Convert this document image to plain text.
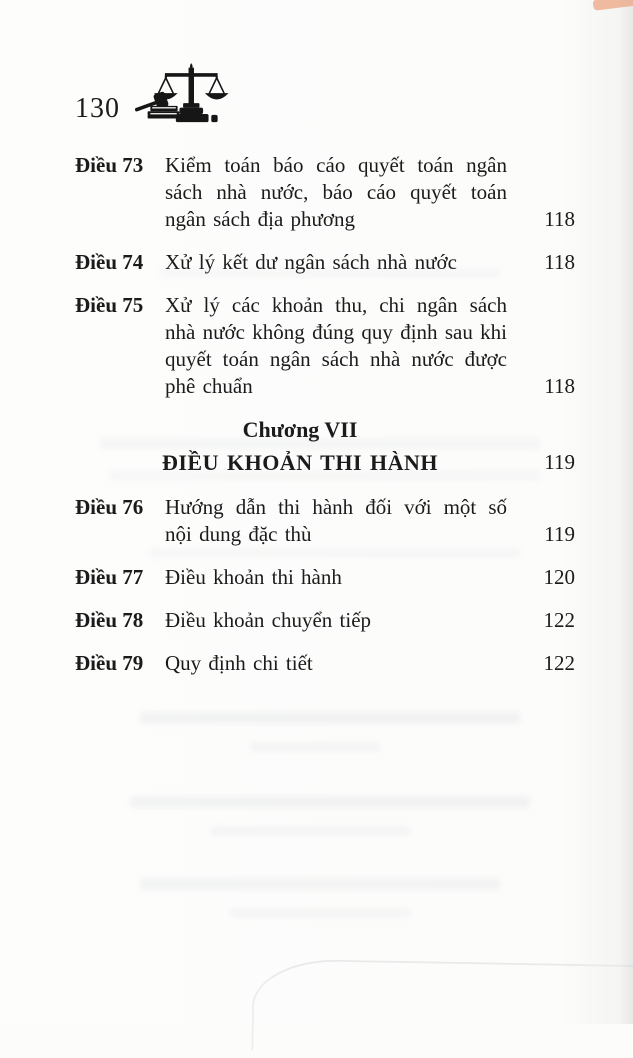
130
Điều 73	Kiểm toán báo cáo quyết toán ngân sách nhà nước, báo cáo quyết toán ngân sách địa phương	118
Điều 74	Xử lý kết dư ngân sách nhà nước	118
Điều 75	Xử lý các khoản thu, chi ngân sách nhà nước không đúng quy định sau khi quyết toán ngân sách nhà nước được phê chuẩn	118
Chương VII
ĐIỀU KHOẢN THI HÀNH	119
Điều 76	Hướng dẫn thi hành đối với một số nội dung đặc thù	119
Điều 77	Điều khoản thi hành	120
Điều 78	Điều khoản chuyển tiếp	122
Điều 79	Quy định chi tiết	122
